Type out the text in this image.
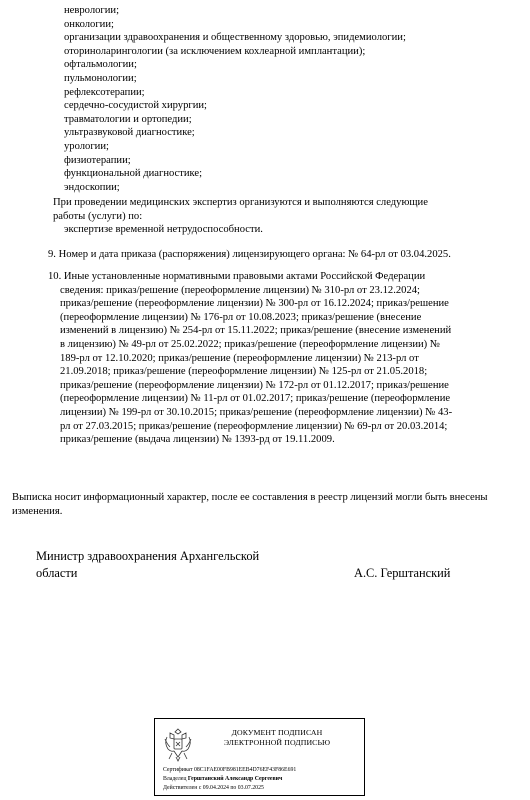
неврологии;
онкологии;
организации здравоохранения и общественному здоровью, эпидемиологии;
оториноларингологии (за исключением кохлеарной имплантации);
офтальмологии;
пульмонологии;
рефлексотерапии;
сердечно-сосудистой хирургии;
травматологии и ортопедии;
ультразвуковой диагностике;
урологии;
физиотерапии;
функциональной диагностике;
эндоскопии;

При проведении медицинских экспертиз организуются и выполняются следующие
работы (услуги) по:

экспертизе временной нетрудоспособности.

9. Номер и дата приказа (распоряжения) лицензирующего органа: № 64-рл от 03.04.2025.

10. Иные установленные нормативными правовыми актами Российской Федерации
сведения: приказ/решение (переоформление лицензии) № 310-рл от 23.12.2024;
приказ/решение (переоформление лицензии) № 300-рл от 16.12.2024; приказ/решение
(переоформление лицензии) № 176-рл от 10.08.2023; приказ/решение (внесение
изменений в лицензию) № 254-рл от 15.11.2022; приказ/решение (внесение изменений
в лицензию) № 49-рл от 25.02.2022; приказ/решение (переоформление лицензии) №
189-рл от 12.10.2020; приказ/решение (переоформление лицензии) № 213-рл от
21.09.2018; приказ/решение (переоформление лицензии) № 125-рл от 21.05.2018;
приказ/решение (переоформление лицензии) № 172-рл от 01.12.2017; приказ/решение
(переоформление лицензии) № 11-рл от 01.02.2017; приказ/решение (переоформление
лицензии) № 199-рл от 30.10.2015; приказ/решение (переоформление лицензии) № 43-
рл от 27.03.2015; приказ/решение (переоформление лицензии) № 69-рл от 20.03.2014;
приказ/решение (выдача лицензии) № 1393-рд от 19.11.2009.

Выписка носит информационный характер, после ее составления в реестр лицензий могли быть внесены изменения.

Министр здравоохранения Архангельской
области	А.С. Герштанский
ДОКУМЕНТ ПОДПИСАН
ЭЛЕКТРОННОЙ ПОДПИСЬЮ
Сертификат 08C1FAE00FB981EEB4D76EF43F86E691
Владелец Герштанский Александр Сергеевич
Действителен с 09.04.2024 по 03.07.2025
